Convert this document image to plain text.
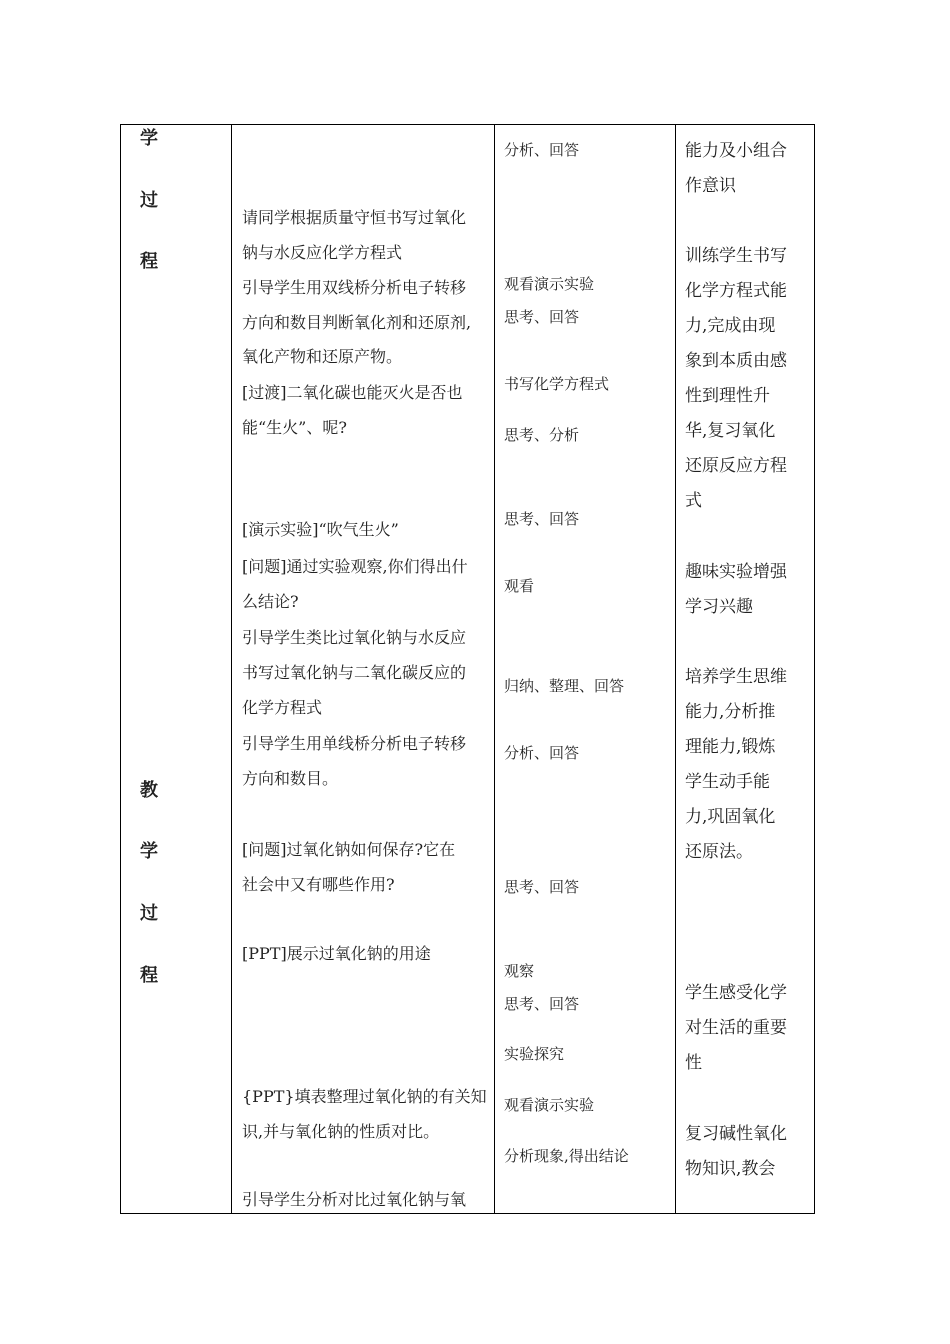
学
过
程
教
学
过
程
请同学根据质量守恒书写过氧化
钠与水反应化学方程式
引导学生用双线桥分析电子转移
方向和数目判断氧化剂和还原剂,
氧化产物和还原产物。
[过渡]二氧化碳也能灭火是否也
能“生火”、呢?
[演示实验]“吹气生火”
[问题]通过实验观察,你们得出什
么结论?
引导学生类比过氧化钠与水反应
书写过氧化钠与二氧化碳反应的
化学方程式
引导学生用单线桥分析电子转移
方向和数目。
[问题]过氧化钠如何保存?它在
社会中又有哪些作用?
[PPT]展示过氧化钠的用途
{PPT}填表整理过氧化钠的有关知
识,并与氧化钠的性质对比。
引导学生分析对比过氧化钠与氧
分析、回答
观看演示实验
思考、回答
书写化学方程式
思考、分析
思考、回答
观看
归纳、整理、回答
分析、回答
思考、回答
观察
思考、回答
实验探究
观看演示实验
分析现象,得出结论
能力及小组合
作意识
训练学生书写
化学方程式能
力,完成由现
象到本质由感
性到理性升
华,复习氧化
还原反应方程
式
趣味实验增强
学习兴趣
培养学生思维
能力,分析推
理能力,锻炼
学生动手能
力,巩固氧化
还原法。
学生感受化学
对生活的重要
性
复习碱性氧化
物知识,教会
